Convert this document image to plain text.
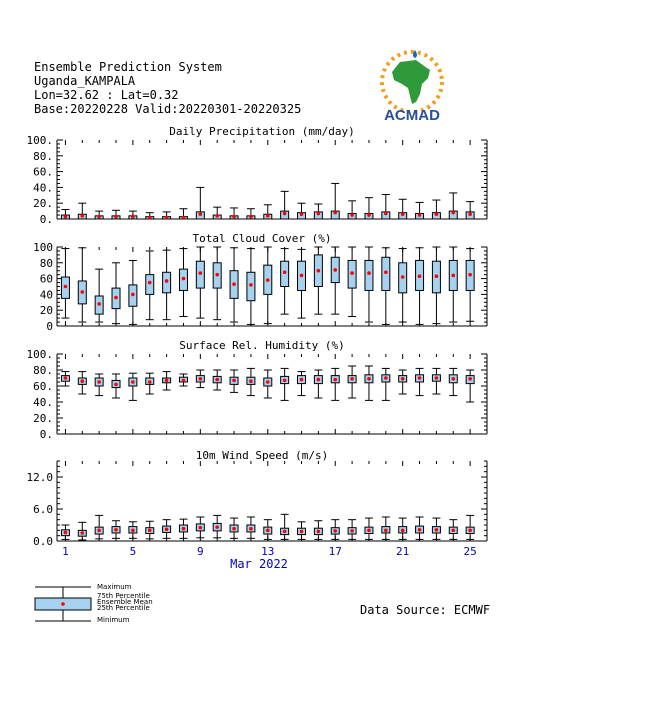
Ensemble Prediction System
Uganda_KAMPALA
Lon=32.62 : Lat=0.32
Base:20220228 Valid:20220301-20220325	ACMAD
0.
20.
40.
60.
80.
100.
Daily Precipitation (mm/day)
0
20
40
60
80
100
Total Cloud Cover (%)
0.
20.
40.
60.
80.
100.
Surface Rel. Humidity (%)
0.0
6.0
12.0
10m Wind Speed (m/s)
1	5	9	13	17	21	25
Mar 2022
Maximum
75th Percentile
Ensemble Mean
25th Percentile
Minimum
Data Source: ECMWF
